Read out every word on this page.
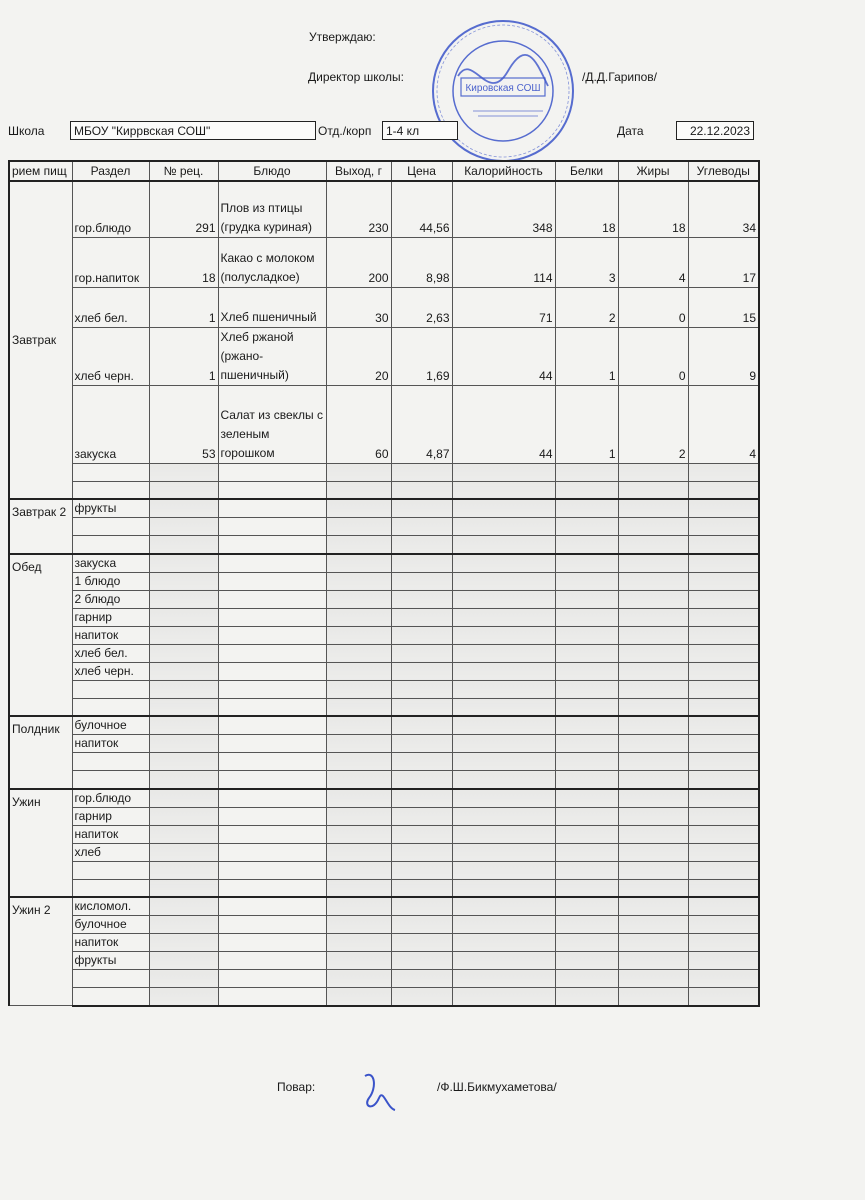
Утверждаю:
Директор школы:	/Д.Д.Гарипов/
Кировская СОШ
Школа	МБОУ "Киррвская СОШ"	Отд./корп	1-4 кл	Дата	22.12.2023
рием пищ	Раздел	№ рец.	Блюдо	Выход, г	Цена	Калорийность	Белки	Жиры	Углеводы
Завтрак	гор.блюдо	291	Плов из птицы (грудка куриная)	230	44,56	348	18	18	34
	гор.напиток	18	Какао с молоком (полусладкое)	200	8,98	114	3	4	17
	хлеб бел.	1	Хлеб пшеничный	30	2,63	71	2	0	15
	хлеб черн.	1	Хлеб ржаной (ржано-пшеничный)	20	1,69	44	1	0	9
	закуска	53	Салат из свеклы с зеленым горошком	60	4,87	44	1	2	4

Завтрак 2	фрукты								

Обед	закуска								
	1 блюдо								
	2 блюдо								
	гарнир								
	напиток								
	хлеб бел.								
	хлеб черн.								

Полдник	булочное								
	напиток								

Ужин	гор.блюдо								
	гарнир								
	напиток								
	хлеб								

Ужин 2	кисломол.								
	булочное								
	напиток								
	фрукты								

Повар:	/Ф.Ш.Бикмухаметова/
